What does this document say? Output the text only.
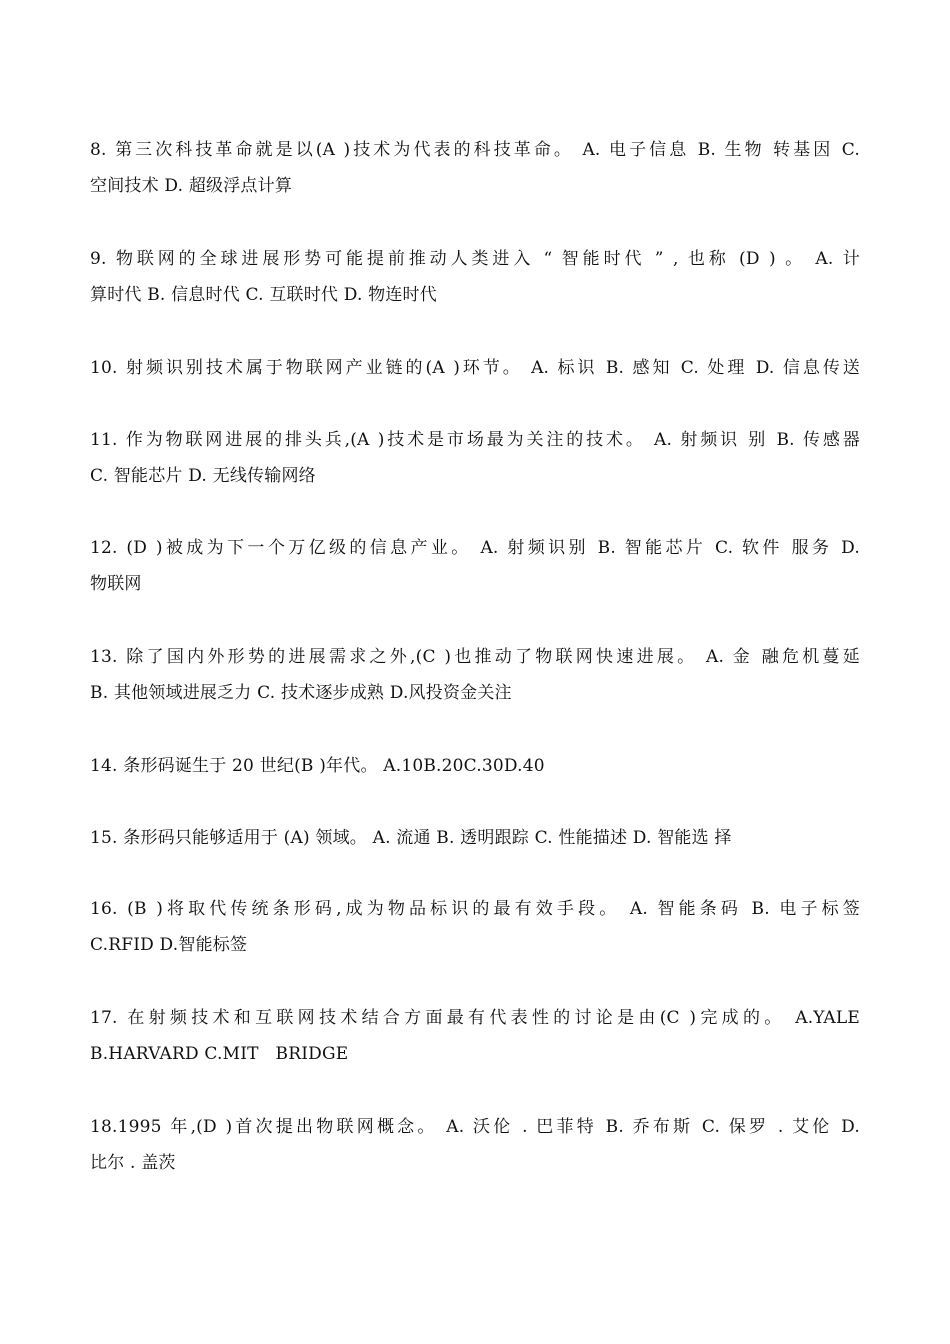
8. 第三次科技革命就是以(A )技术为代表的科技革命。 A. 电子信息 B. 生物 转基因 C.
空间技术 D. 超级浮点计算
9. 物联网的全球进展形势可能提前推动人类进入 “ 智能时代 ” , 也称 (D ) 。 A. 计
算时代 B. 信息时代 C. 互联时代 D. 物连时代
10. 射频识别技术属于物联网产业链的(A )环节。 A. 标识 B. 感知 C. 处理 D. 信息传送
11. 作为物联网进展的排头兵,(A )技术是市场最为关注的技术。 A. 射频识 别 B. 传感器
C. 智能芯片 D. 无线传输网络
12. (D )被成为下一个万亿级的信息产业。 A. 射频识别 B. 智能芯片 C. 软件 服务 D.
物联网
13. 除了国内外形势的进展需求之外,(C )也推动了物联网快速进展。 A. 金 融危机蔓延
B. 其他领域进展乏力 C. 技术逐步成熟 D.风投资金关注
14. 条形码诞生于 20 世纪(B )年代。 A.10B.20C.30D.40
15. 条形码只能够适用于 (A) 领域。 A. 流通 B. 透明跟踪 C. 性能描述 D. 智能选 择
16. (B )将取代传统条形码,成为物品标识的最有效手段。 A. 智能条码 B. 电子标签
C.RFID D.智能标签
17. 在射频技术和互联网技术结合方面最有代表性的讨论是由(C )完成的。 A.YALE
B.HARVARD C.MIT   BRIDGE
18.1995 年,(D )首次提出物联网概念。 A. 沃伦 . 巴菲特 B. 乔布斯 C. 保罗 . 艾伦 D.
比尔 . 盖茨
